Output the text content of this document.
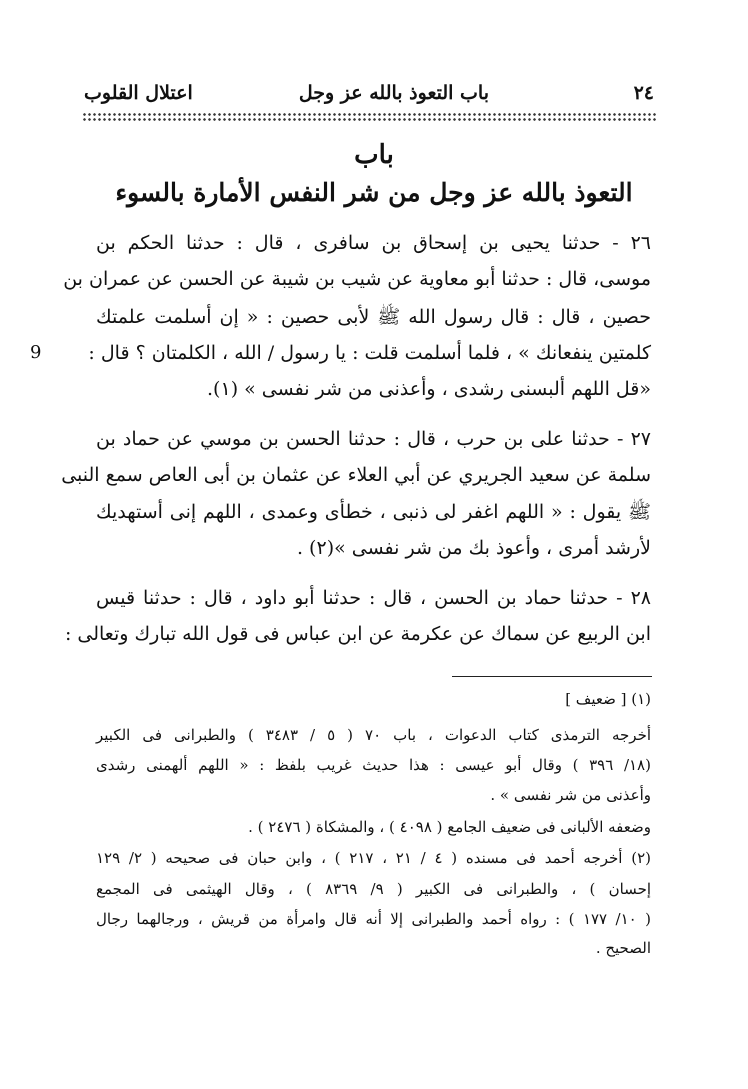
٢٤
باب التعوذ بالله عز وجل
اعتلال القلوب
باب
التعوذ بالله عز وجل من شر النفس الأمارة بالسوء
٢٦ - حدثنا يحيى بن إسحاق بن سافرى ، قال : حدثنا الحكم بن
موسى، قال : حدثنا أبو معاوية عن شيب بن شيبة عن الحسن عن عمران بن
حصين ، قال : قال رسول الله ﷺ لأبى حصين : « إن أسلمت علمتك
كلمتين ينفعانك » ، فلما أسلمت قلت : يا رسول / الله ، الكلمتان ؟ قال :
9
«قل اللهم ألبسنى رشدى ، وأعذنى من شر نفسى » (١).
٢٧ - حدثنا على بن حرب ، قال : حدثنا الحسن بن موسي عن حماد بن
سلمة عن سعيد الجريري عن أبي العلاء عن عثمان بن أبى العاص سمع النبى
ﷺ يقول : « اللهم اغفر لى ذنبى ، خطأى وعمدى ، اللهم إنى أستهديك
لأرشد أمرى ، وأعوذ بك من شر نفسى »(٢) .
٢٨ - حدثنا حماد بن الحسن ، قال : حدثنا أبو داود ، قال : حدثنا قيس
ابن الربيع عن سماك عن عكرمة عن ابن عباس فى قول الله تبارك وتعالى :
(١) [ ضعيف ]
أخرجه الترمذى كتاب الدعوات ، باب ٧٠ ( ٥ / ٣٤٨٣ ) والطبرانى فى الكبير
(١٨/ ٣٩٦ ) وقال أبو عيسى : هذا حديث غريب بلفظ : « اللهم ألهمنى رشدى
وأعذنى من شر نفسى » .
وضعفه الألبانى فى ضعيف الجامع ( ٤٠٩٨ ) ، والمشكاة ( ٢٤٧٦ ) .
(٢) أخرجه أحمد فى مسنده ( ٤ / ٢١ ، ٢١٧ ) ، وابن حبان فى صحيحه ( ٢/ ١٢٩
إحسان ) ، والطبرانى فى الكبير ( ٩/ ٨٣٦٩ ) ، وقال الهيثمى فى المجمع
( ١٠/ ١٧٧ ) : رواه أحمد والطبرانى إلا أنه قال وامرأة من قريش ، ورجالهما رجال
الصحيح .
